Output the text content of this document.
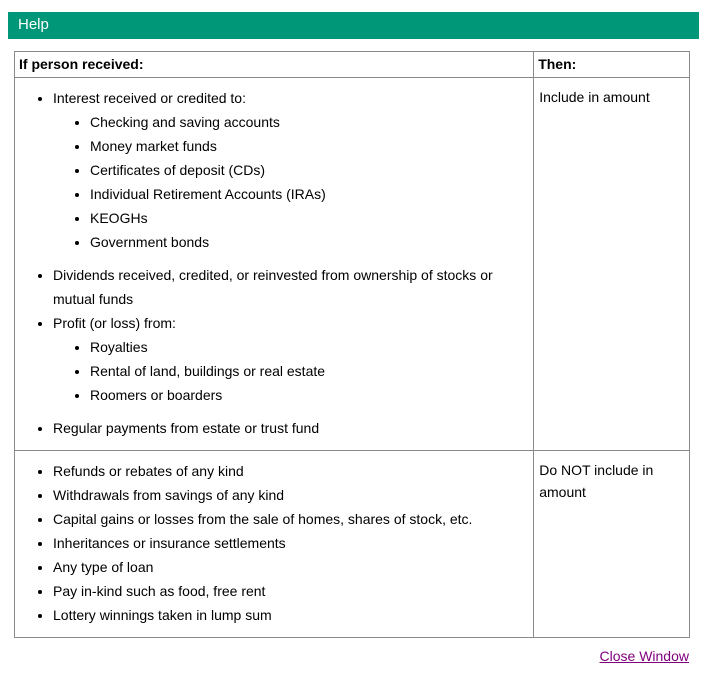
Help
If person received:	Then:

• Interest received or credited to:
• Checking and saving accounts
• Money market funds
• Certificates of deposit (CDs)
• Individual Retirement Accounts (IRAs)
• KEOGHs
• Government bonds
• Dividends received, credited, or reinvested from ownership of stocks or mutual funds
• Profit (or loss) from:
• Royalties
• Rental of land, buildings or real estate
• Roomers or boarders
• Regular payments from estate or trust fund
	Include in amount

• Refunds or rebates of any kind
• Withdrawals from savings of any kind
• Capital gains or losses from the sale of homes, shares of stock, etc.
• Inheritances or insurance settlements
• Any type of loan
• Pay in-kind such as food, free rent
• Lottery winnings taken in lump sum
	Do NOT include in amount
Close Window
